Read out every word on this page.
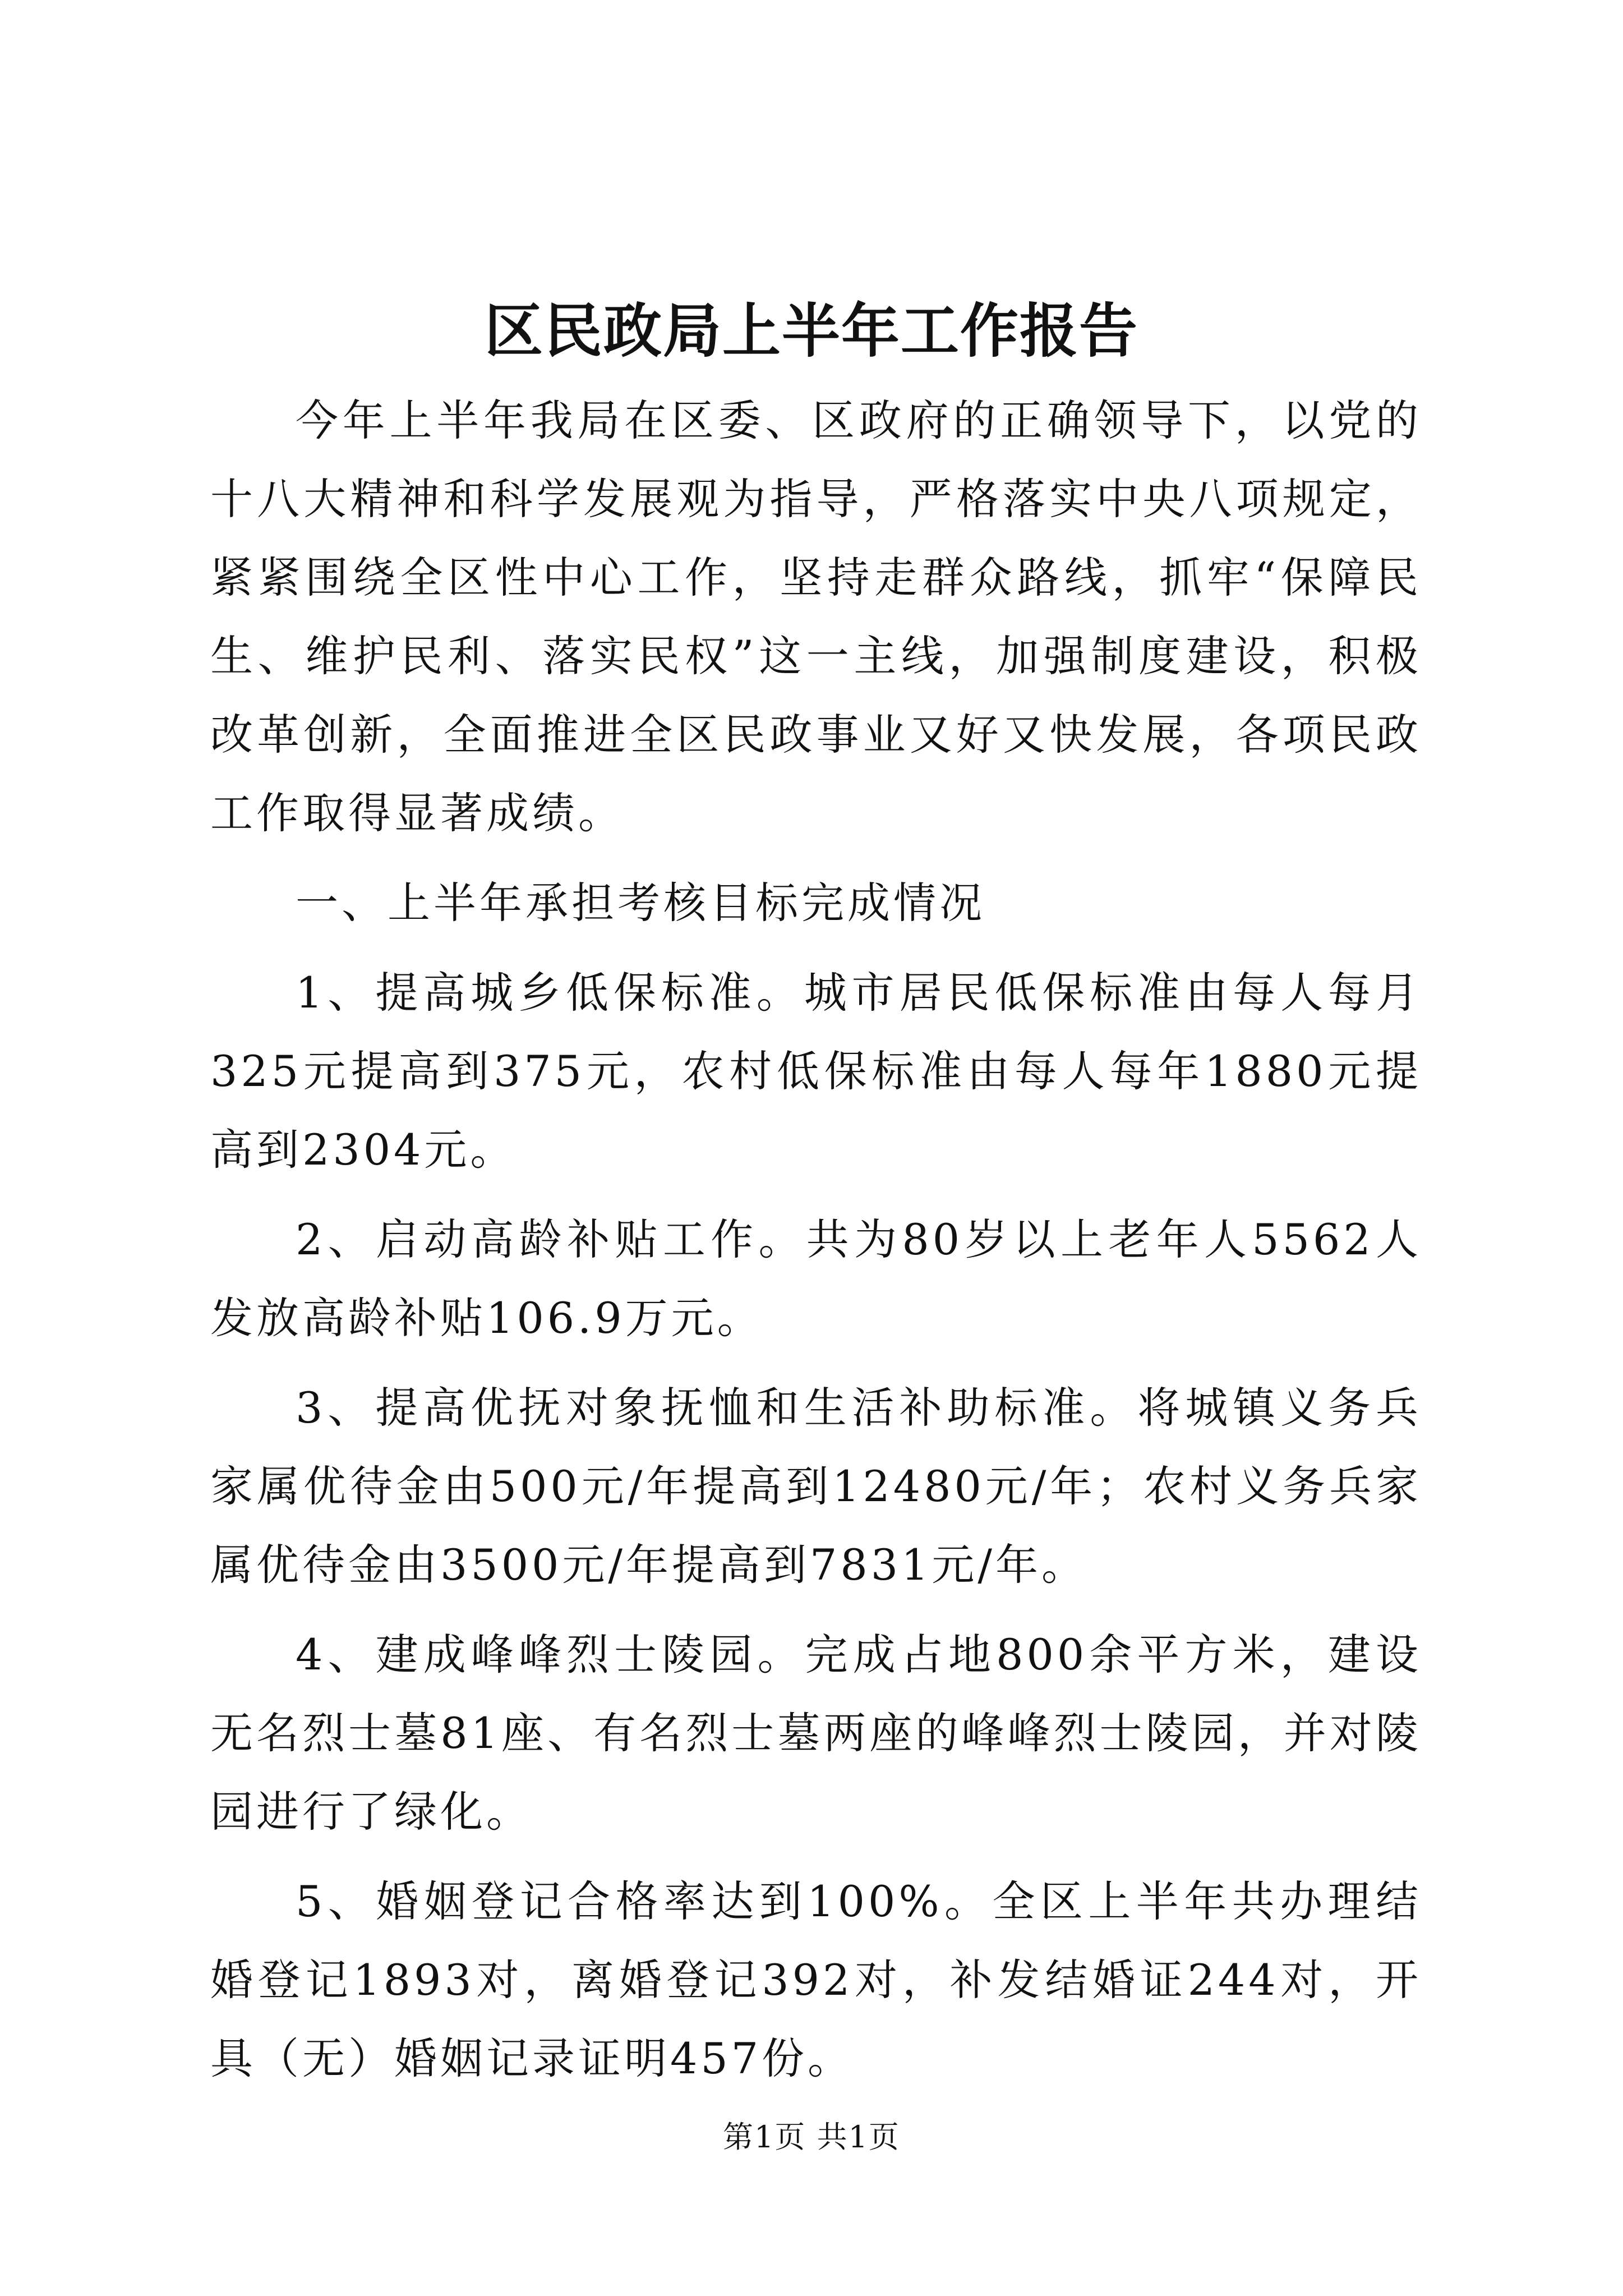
区民政局上半年工作报告

今年上半年我局在区委、区政府的正确领导下，以党的十八大精神和科学发展观为指导，严格落实中央八项规定，紧紧围绕全区性中心工作，坚持走群众路线，抓牢“保障民生、维护民利、落实民权”这一主线，加强制度建设，积极改革创新，全面推进全区民政事业又好又快发展，各项民政工作取得显著成绩。

一、上半年承担考核目标完成情况

1、提高城乡低保标准。城市居民低保标准由每人每月325元提高到375元，农村低保标准由每人每年1880元提高到2304元。

2、启动高龄补贴工作。共为80岁以上老年人5562人发放高龄补贴106.9万元。

3、提高优抚对象抚恤和生活补助标准。将城镇义务兵家属优待金由500元/年提高到12480元/年；农村义务兵家属优待金由3500元/年提高到7831元/年。

4、建成峰峰烈士陵园。完成占地800余平方米，建设无名烈士墓81座、有名烈士墓两座的峰峰烈士陵园，并对陵园进行了绿化。

5、婚姻登记合格率达到100%。全区上半年共办理结婚登记1893对，离婚登记392对，补发结婚证244对，开具（无）婚姻记录证明457份。

第1页 共1页
